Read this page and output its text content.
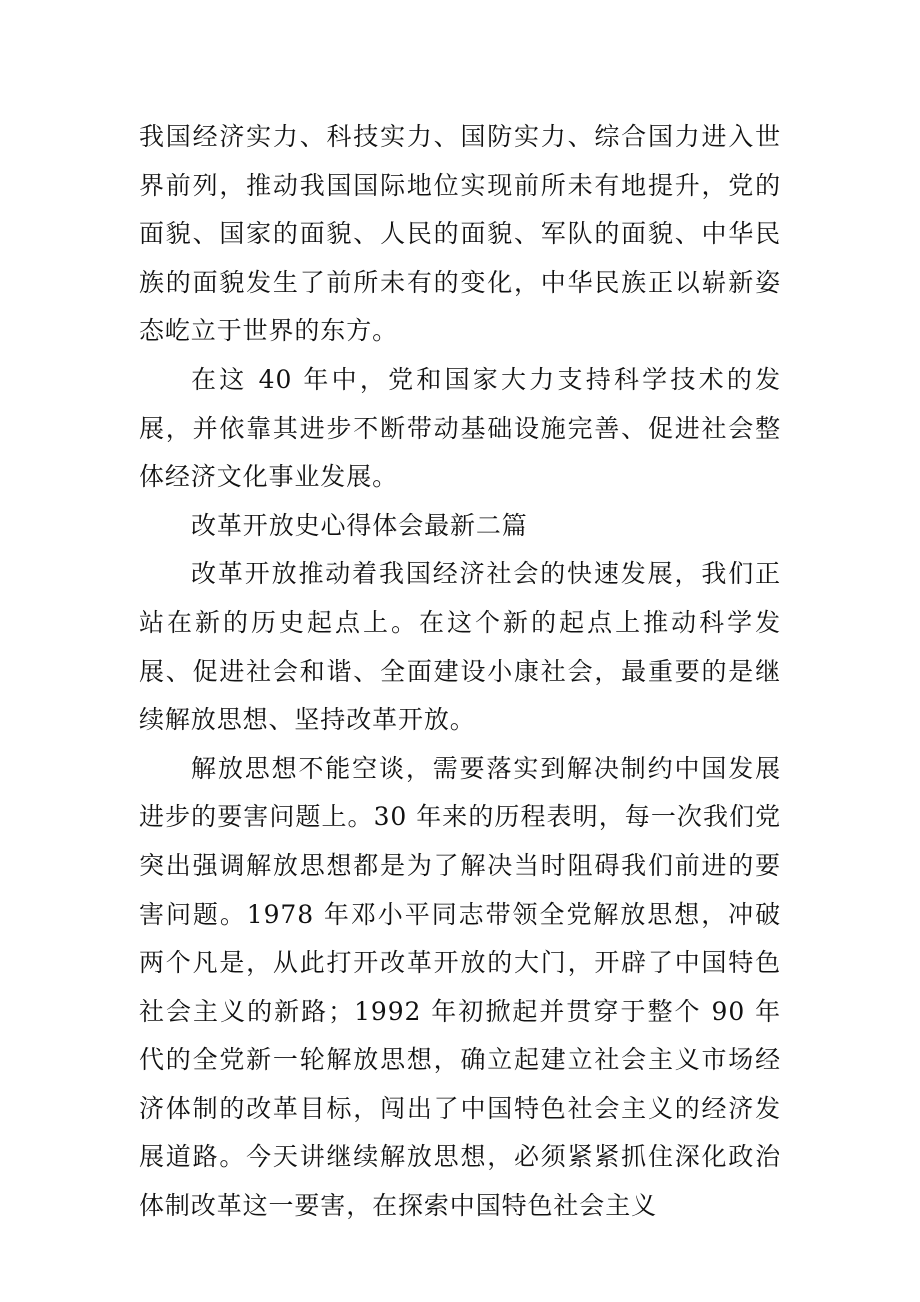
我国经济实力、科技实力、国防实力、综合国力进入世界前列，推动我国国际地位实现前所未有地提升，党的面貌、国家的面貌、人民的面貌、军队的面貌、中华民族的面貌发生了前所未有的变化，中华民族正以崭新姿态屹立于世界的东方。

在这 40 年中，党和国家大力支持科学技术的发展，并依靠其进步不断带动基础设施完善、促进社会整体经济文化事业发展。

改革开放史心得体会最新二篇

改革开放推动着我国经济社会的快速发展，我们正站在新的历史起点上。在这个新的起点上推动科学发展、促进社会和谐、全面建设小康社会，最重要的是继续解放思想、坚持改革开放。

解放思想不能空谈，需要落实到解决制约中国发展进步的要害问题上。30 年来的历程表明，每一次我们党突出强调解放思想都是为了解决当时阻碍我们前进的要害问题。1978 年邓小平同志带领全党解放思想，冲破两个凡是，从此打开改革开放的大门，开辟了中国特色社会主义的新路；1992 年初掀起并贯穿于整个 90 年代的全党新一轮解放思想，确立起建立社会主义市场经济体制的改革目标，闯出了中国特色社会主义的经济发展道路。今天讲继续解放思想，必须紧紧抓住深化政治体制改革这一要害，在探索中国特色社会主义
